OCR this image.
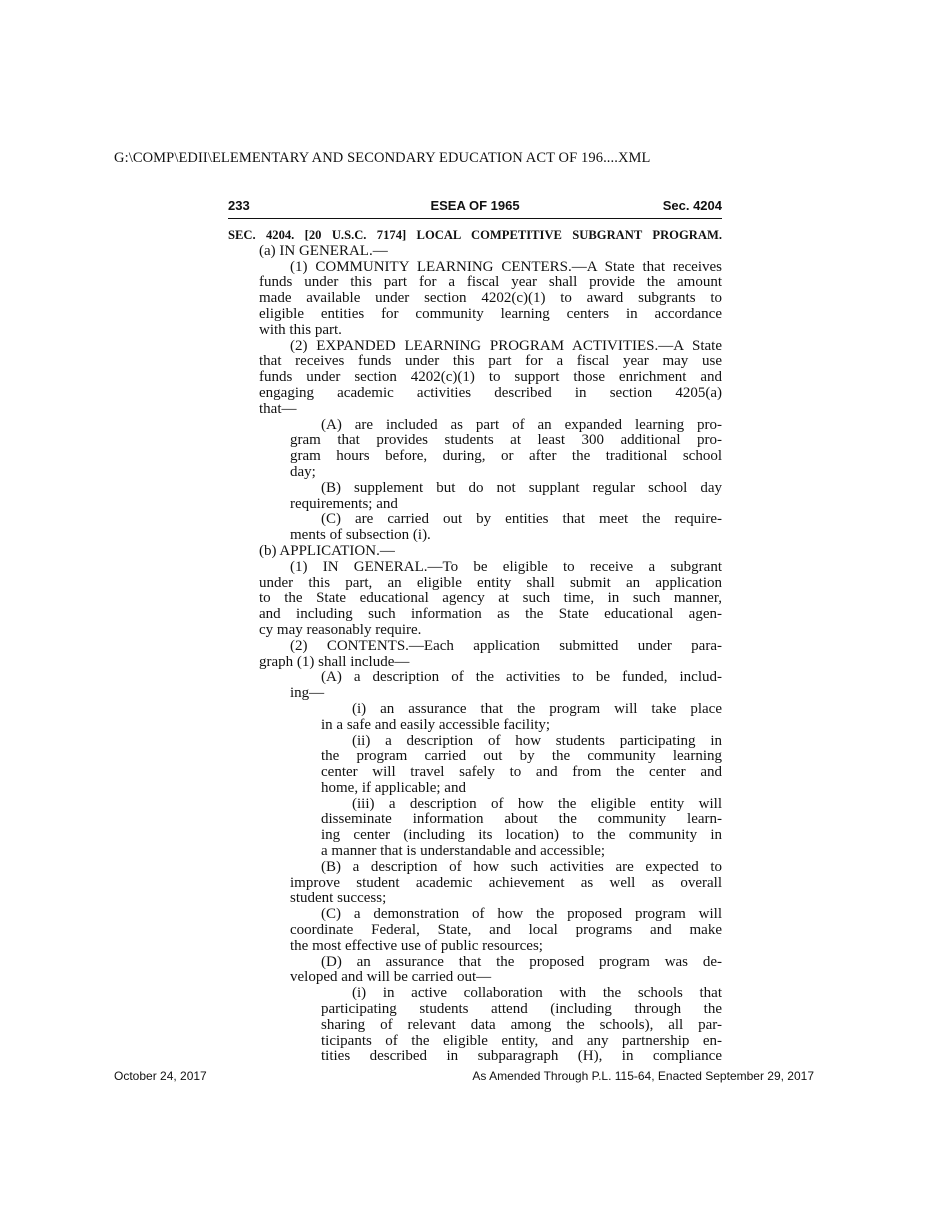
G:\COMP\EDII\ELEMENTARY AND SECONDARY EDUCATION ACT OF 196....XML
233	ESEA OF 1965	Sec. 4204
SEC. 4204. [20 U.S.C. 7174] LOCAL COMPETITIVE SUBGRANT PROGRAM.
(a) IN GENERAL.—
(1) COMMUNITY LEARNING CENTERS.—A State that receives
funds under this part for a fiscal year shall provide the amount
made available under section 4202(c)(1) to award subgrants to
eligible entities for community learning centers in accordance
with this part.
(2) EXPANDED LEARNING PROGRAM ACTIVITIES.—A State
that receives funds under this part for a fiscal year may use
funds under section 4202(c)(1) to support those enrichment and
engaging academic activities described in section 4205(a)
that—
(A) are included as part of an expanded learning pro-
gram that provides students at least 300 additional pro-
gram hours before, during, or after the traditional school
day;
(B) supplement but do not supplant regular school day
requirements; and
(C) are carried out by entities that meet the require-
ments of subsection (i).
(b) APPLICATION.—
(1) IN GENERAL.—To be eligible to receive a subgrant
under this part, an eligible entity shall submit an application
to the State educational agency at such time, in such manner,
and including such information as the State educational agen-
cy may reasonably require.
(2) CONTENTS.—Each application submitted under para-
graph (1) shall include—
(A) a description of the activities to be funded, includ-
ing—
(i) an assurance that the program will take place
in a safe and easily accessible facility;
(ii) a description of how students participating in
the program carried out by the community learning
center will travel safely to and from the center and
home, if applicable; and
(iii) a description of how the eligible entity will
disseminate information about the community learn-
ing center (including its location) to the community in
a manner that is understandable and accessible;
(B) a description of how such activities are expected to
improve student academic achievement as well as overall
student success;
(C) a demonstration of how the proposed program will
coordinate Federal, State, and local programs and make
the most effective use of public resources;
(D) an assurance that the proposed program was de-
veloped and will be carried out—
(i) in active collaboration with the schools that
participating students attend (including through the
sharing of relevant data among the schools), all par-
ticipants of the eligible entity, and any partnership en-
tities described in subparagraph (H), in compliance
October 24, 2017	As Amended Through P.L. 115-64, Enacted September 29, 2017
